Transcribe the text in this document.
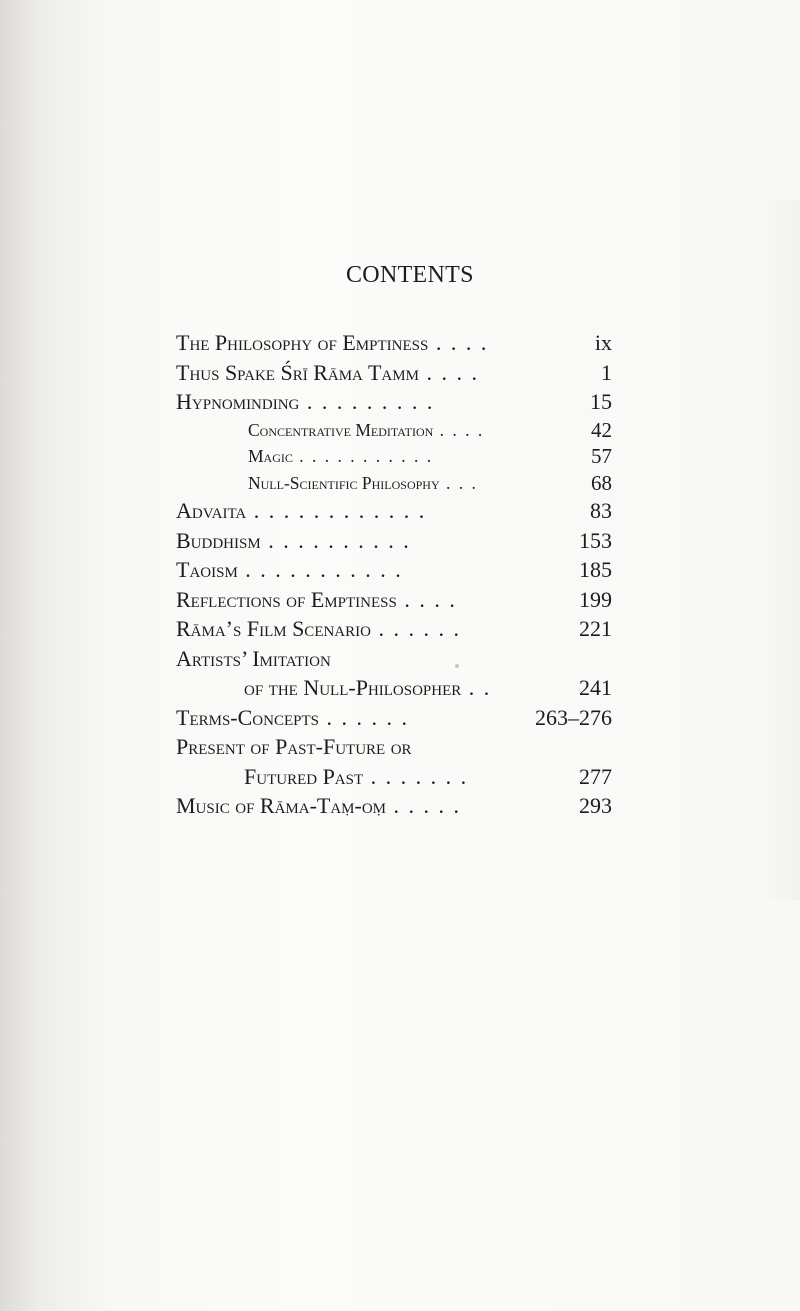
CONTENTS
The Philosophy of Emptiness . . . .	ix
Thus Spake Śrī Rāma Tamm . . . .	1
Hypnominding . . . . . . . . .	15
Concentrative Meditation . . . .	42
Magic . . . . . . . . . . .	57
Null-Scientific Philosophy . . .	68
Advaita . . . . . . . . . . . .	83
Buddhism . . . . . . . . . .	153
Taoism . . . . . . . . . . .	185
Reflections of Emptiness . . . .	199
Rāma’s Film Scenario . . . . . .	221
Artists’ Imitation
of the Null-Philosopher . .	241
Terms-Concepts . . . . . .	263–276
Present of Past-Future or
Futured Past . . . . . . .	277
Music of Rāma-Taṃ-oṃ . . . . .	293
